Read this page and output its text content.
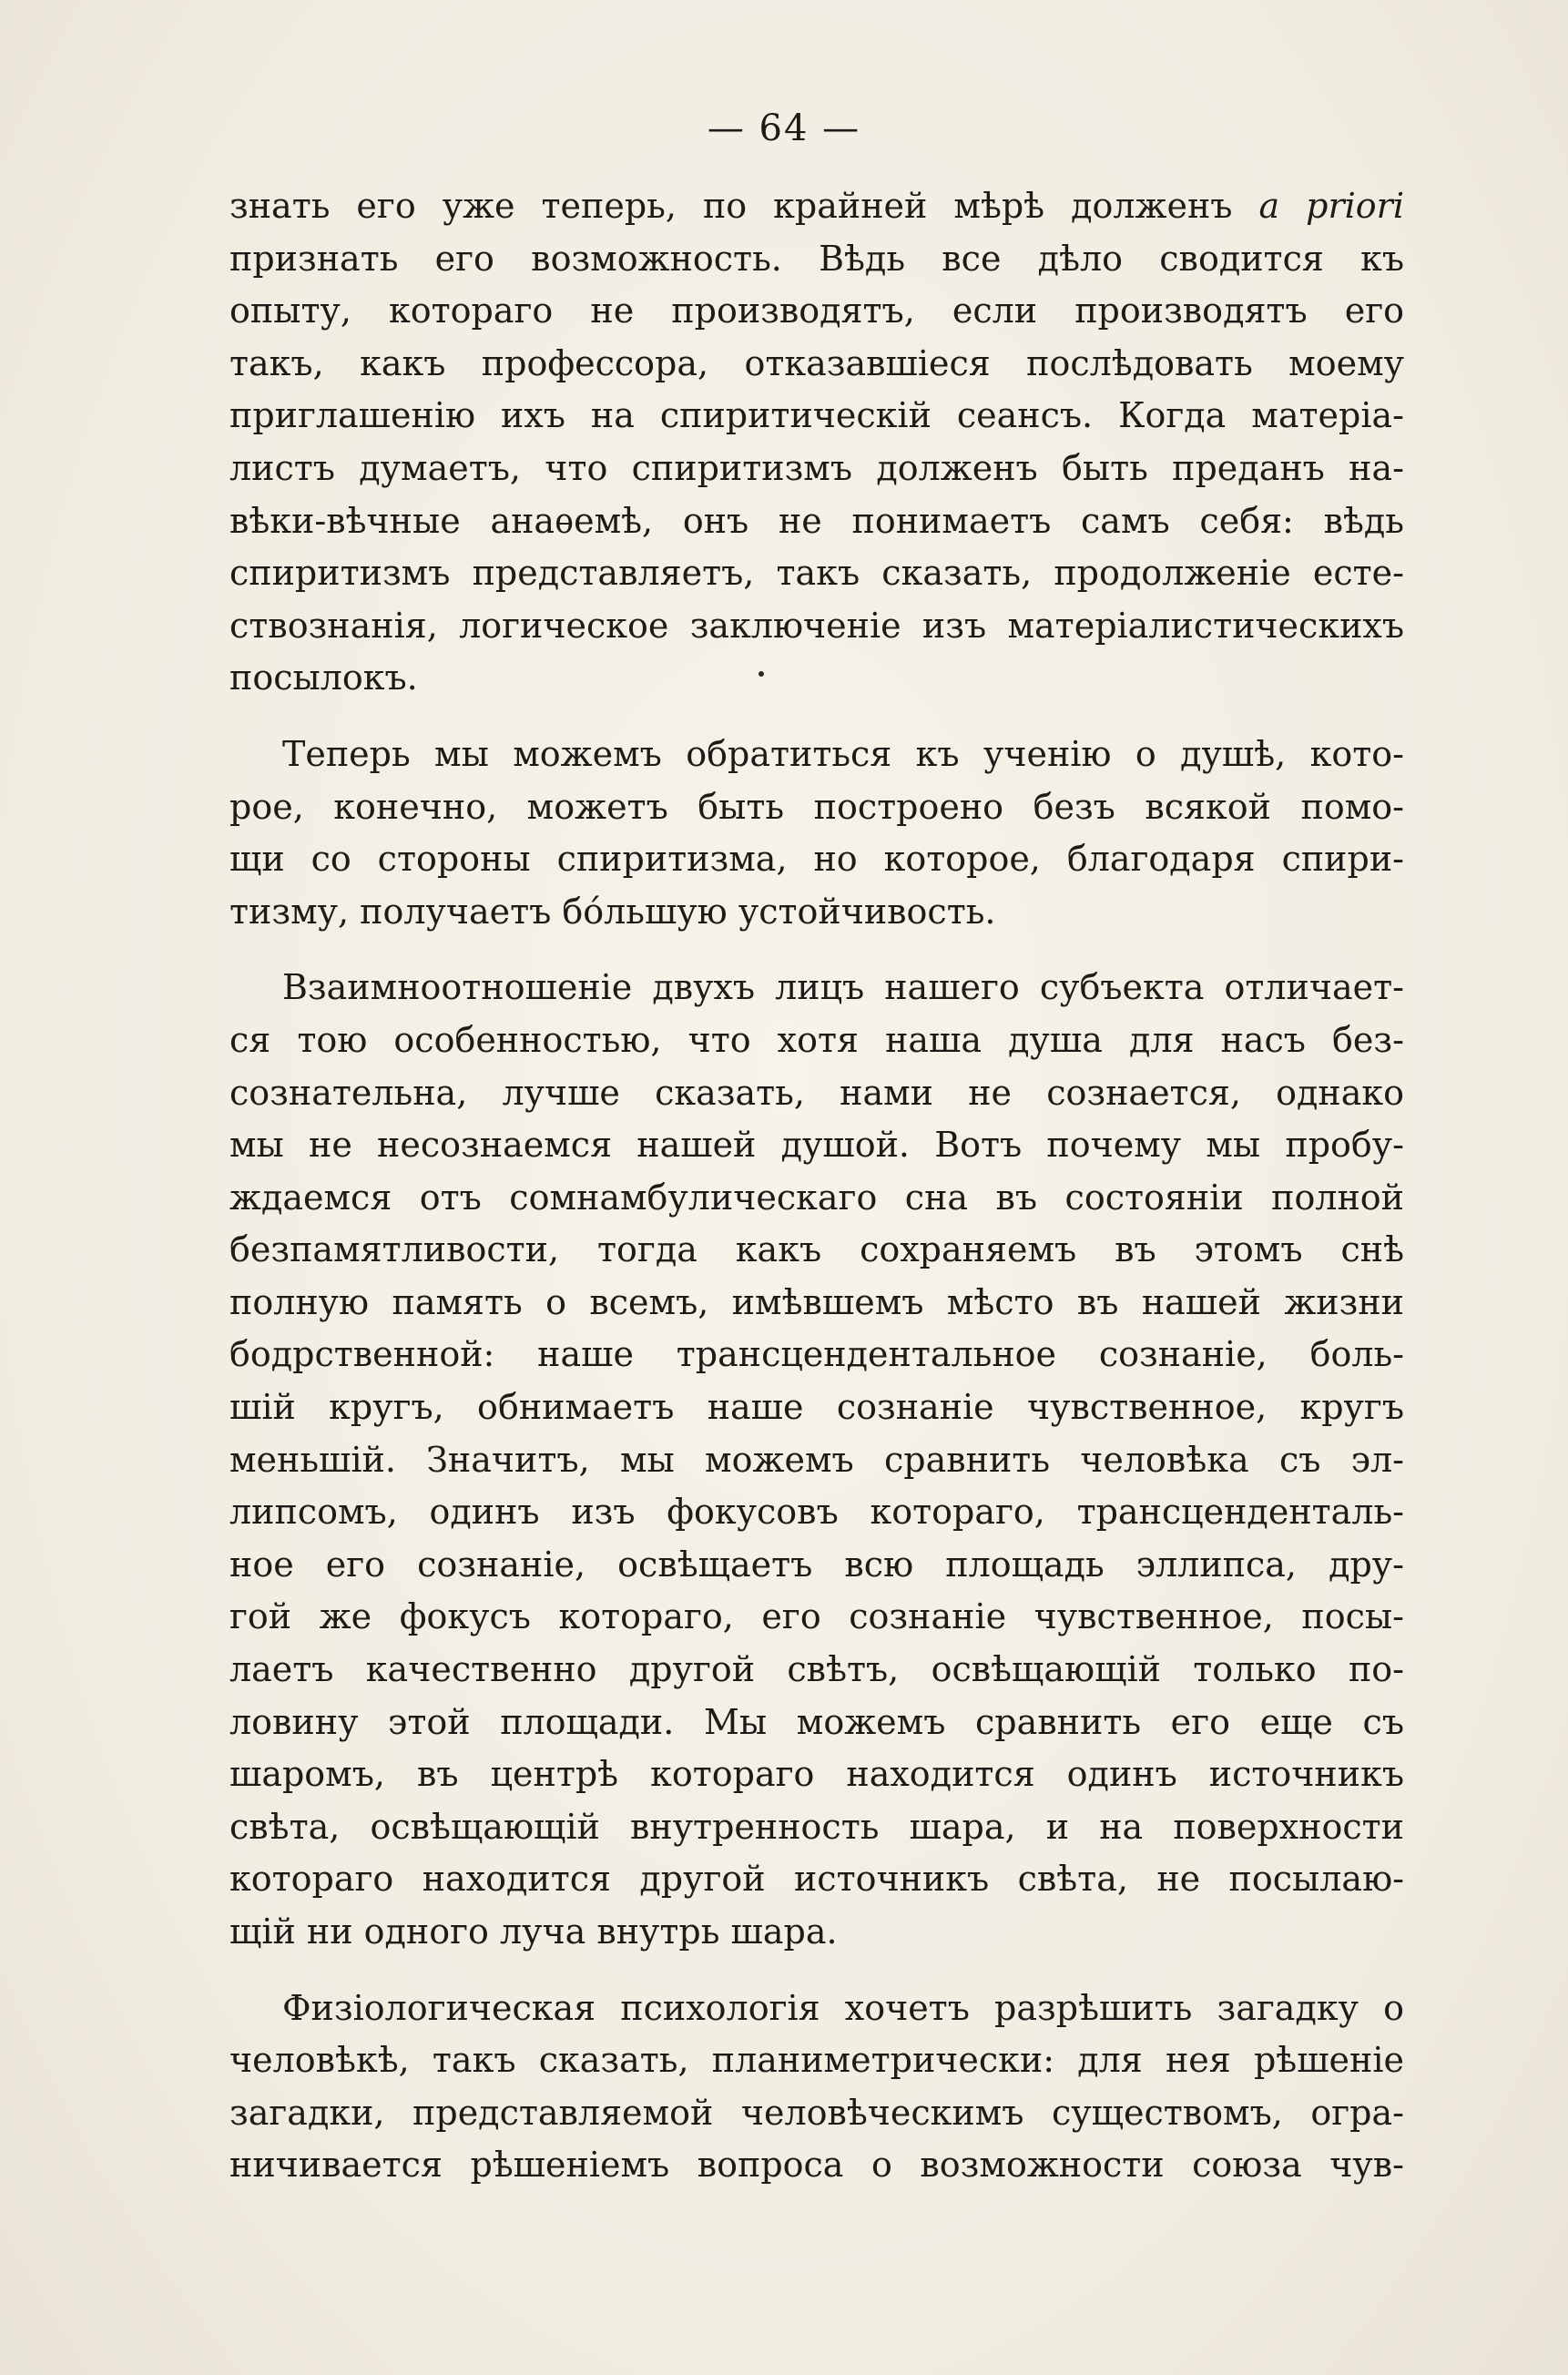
— 64 —
знать его уже теперь, по крайней мѣрѣ долженъ a priori
признать его возможность. Вѣдь все дѣло сводится къ
опыту, котораго не производятъ, если производятъ его
такъ, какъ профессора, отказавшіеся послѣдовать моему
приглашенію ихъ на спиритическій сеансъ. Когда матеріа-
листъ думаетъ, что спиритизмъ долженъ быть преданъ на-
вѣки-вѣчные анаѳемѣ, онъ не понимаетъ самъ себя: вѣдь
спиритизмъ представляетъ, такъ сказать, продолженіе есте-
ствознанія, логическое заключеніе изъ матеріалистическихъ
посылокъ.
Теперь мы можемъ обратиться къ ученію о душѣ, кото-
рое, конечно, можетъ быть построено безъ всякой помо-
щи со стороны спиритизма, но которое, благодаря спири-
тизму, получаетъ бо́льшую устойчивость.
Взаимноотношеніе двухъ лицъ нашего субъекта отличает-
ся тою особенностью, что хотя наша душа для насъ без-
сознательна, лучше сказать, нами не сознается, однако
мы не несознаемся нашей душой. Вотъ почему мы пробу-
ждаемся отъ сомнамбулическаго сна въ состояніи полной
безпамятливости, тогда какъ сохраняемъ въ этомъ снѣ
полную память о всемъ, имѣвшемъ мѣсто въ нашей жизни
бодрственной: наше трансцендентальное сознаніе, боль-
шій кругъ, обнимаетъ наше сознаніе чувственное, кругъ
меньшій. Значитъ, мы можемъ сравнить человѣка съ эл-
липсомъ, одинъ изъ фокусовъ котораго, трансценденталь-
ное его сознаніе, освѣщаетъ всю площадь эллипса, дру-
гой же фокусъ котораго, его сознаніе чувственное, посы-
лаетъ качественно другой свѣтъ, освѣщающій только по-
ловину этой площади. Мы можемъ сравнить его еще съ
шаромъ, въ центрѣ котораго находится одинъ источникъ
свѣта, освѣщающій внутренность шара, и на поверхности
котораго находится другой источникъ свѣта, не посылаю-
щій ни одного луча внутрь шара.
Физіологическая психологія хочетъ разрѣшить загадку о
человѣкѣ, такъ сказать, планиметрически: для нея рѣшеніе
загадки, представляемой человѣческимъ существомъ, огра-
ничивается рѣшеніемъ вопроса о возможности союза чув-
